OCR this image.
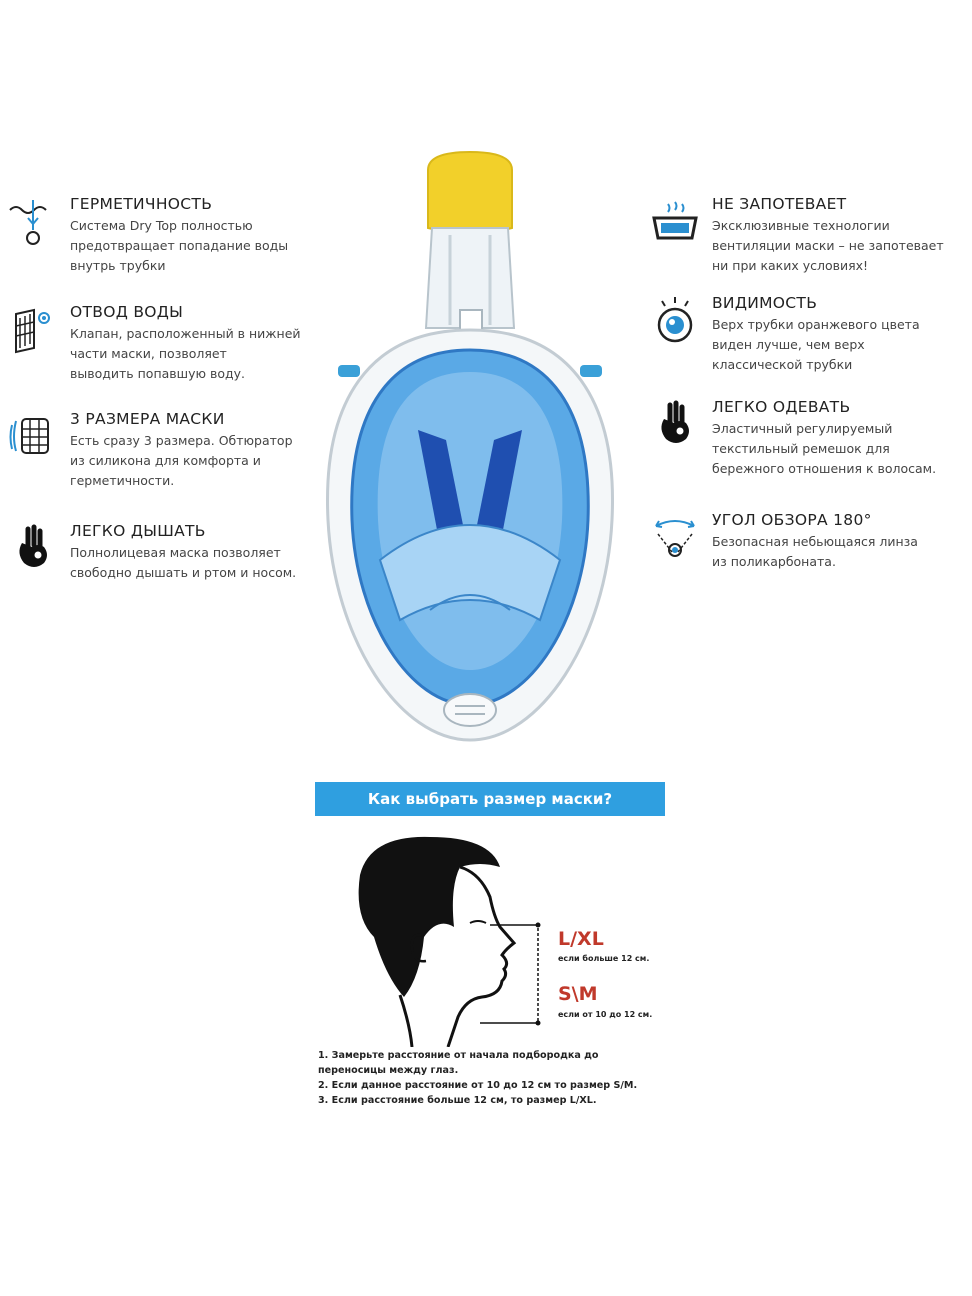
ГЕРМЕТИЧНОСТЬ

Система Dry Top полностью
предотвращает попадание воды
внутрь трубки

ОТВОД ВОДЫ

Клапан, расположенный в нижней
части маски, позволяет
выводить попавшую воду.

3 РАЗМЕРА МАСКИ

Есть сразу 3 размера. Обтюратор
из силикона для комфорта и
герметичности.

ЛЕГКО ДЫШАТЬ

Полнолицевая маска позволяет
свободно дышать и ртом и носом.

НЕ ЗАПОТЕВАЕТ

Эксклюзивные технологии
вентиляции маски – не запотевает
ни при каких условиях!

ВИДИМОСТЬ

Верх трубки оранжевого цвета
виден лучше, чем верх
классической трубки

ЛЕГКО ОДЕВАТЬ

Эластичный регулируемый
текстильный ремешок для
бережного отношения к волосам.

УГОЛ ОБЗОРА 180°

Безопасная небьющаяся линза
из поликарбоната.

Как выбрать размер маски?
L/XL
если больше 12 см.
S\M
если от 10 до 12 см.
1. Замерьте расстояние от начала подбородка до
переносицы между глаз.
2. Если данное расстояние от 10 до 12 см то размер S/M.
3. Если расстояние больше 12 см, то размер L/XL.
